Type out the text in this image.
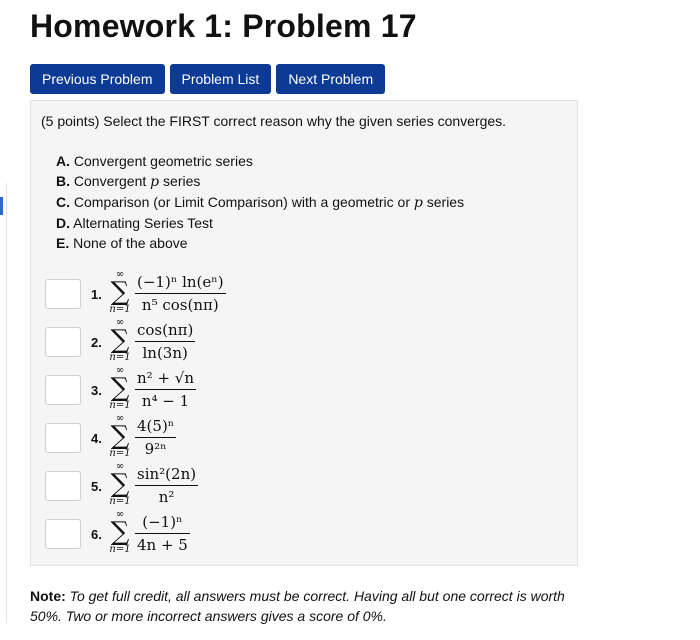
Homework 1: Problem 17
Previous Problem	Problem List	Next Problem
(5 points) Select the FIRST correct reason why the given series converges.
A. Convergent geometric series
B. Convergent p series
C. Comparison (or Limit Comparison) with a geometric or p series
D. Alternating Series Test
E. None of the above
1.
∞
∑
$n=1 \frac{\text{(−1)ⁿ ln(eⁿ)}}{\text{n⁵ cos(nπ)}}$
2.
∞
∑
$n=1 \frac{\cos(n\pi)}{\ln(3n)}$
3.
∞
∑
$n=1 \frac{\text{n² + √n}}{\text{n⁴ − 1}}$
4.
∞
∑
$n=1 \frac{\text{4(5)ⁿ}}{\text{9²ⁿ}}$
5.
∞
∑
$n=1 \frac{\text{sin²(2n)}}{\text{n²}}$
6.
∞
∑
$n=1 \frac{\text{(−1)ⁿ}}{4n + 5}$
Note: To get full credit, all answers must be correct. Having all but one correct is worth 50%. Two or more incorrect answers gives a score of 0%.
